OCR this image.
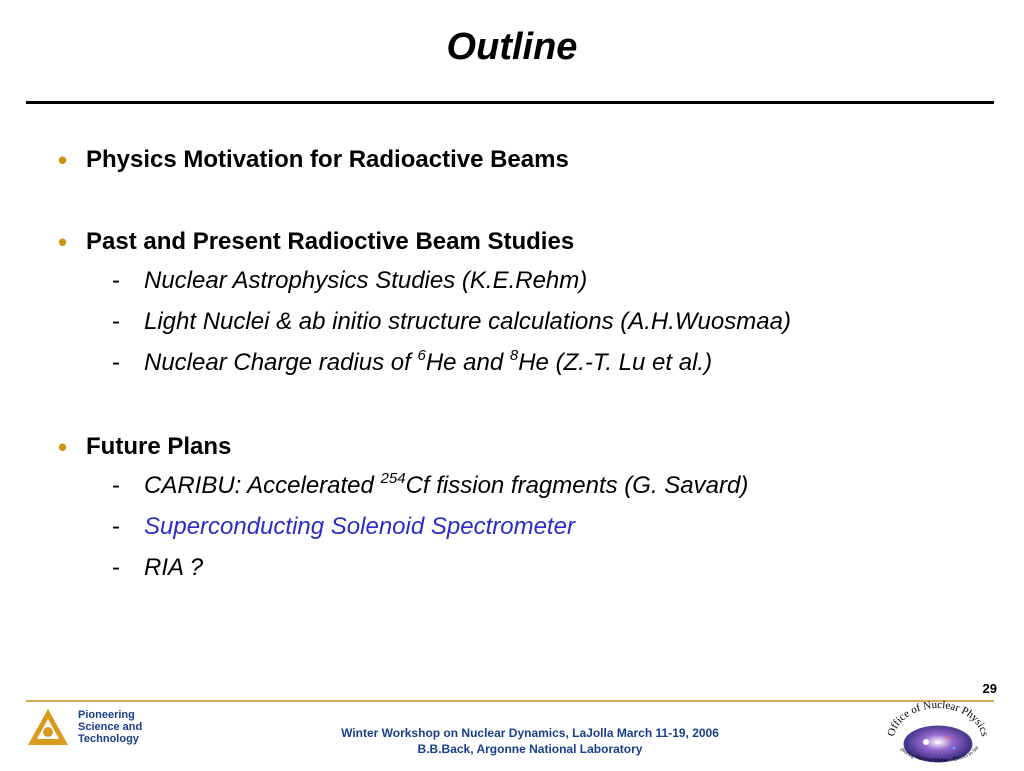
Outline
• Physics Motivation for Radioactive Beams
• Past and Present Radioctive Beam Studies
- Nuclear Astrophysics Studies (K.E.Rehm)
- Light Nuclei & ab initio structure calculations (A.H.Wuosmaa)
- Nuclear Charge radius of $^6$He and $^8$He (Z.-T. Lu et al.)
• Future Plans
- CARIBU: Accelerated $^{254}$Cf fission fragments (G. Savard)
- Superconducting Solenoid Spectrometer
- RIA ?
29
Pioneering
Science and
Technology	Winter Workshop on Nuclear Dynamics, LaJolla March 11-19, 2006
B.B.Back, Argonne National Laboratory
Office of Nuclear Physics
ploring Nuclear Matter - Quarks to Sta
